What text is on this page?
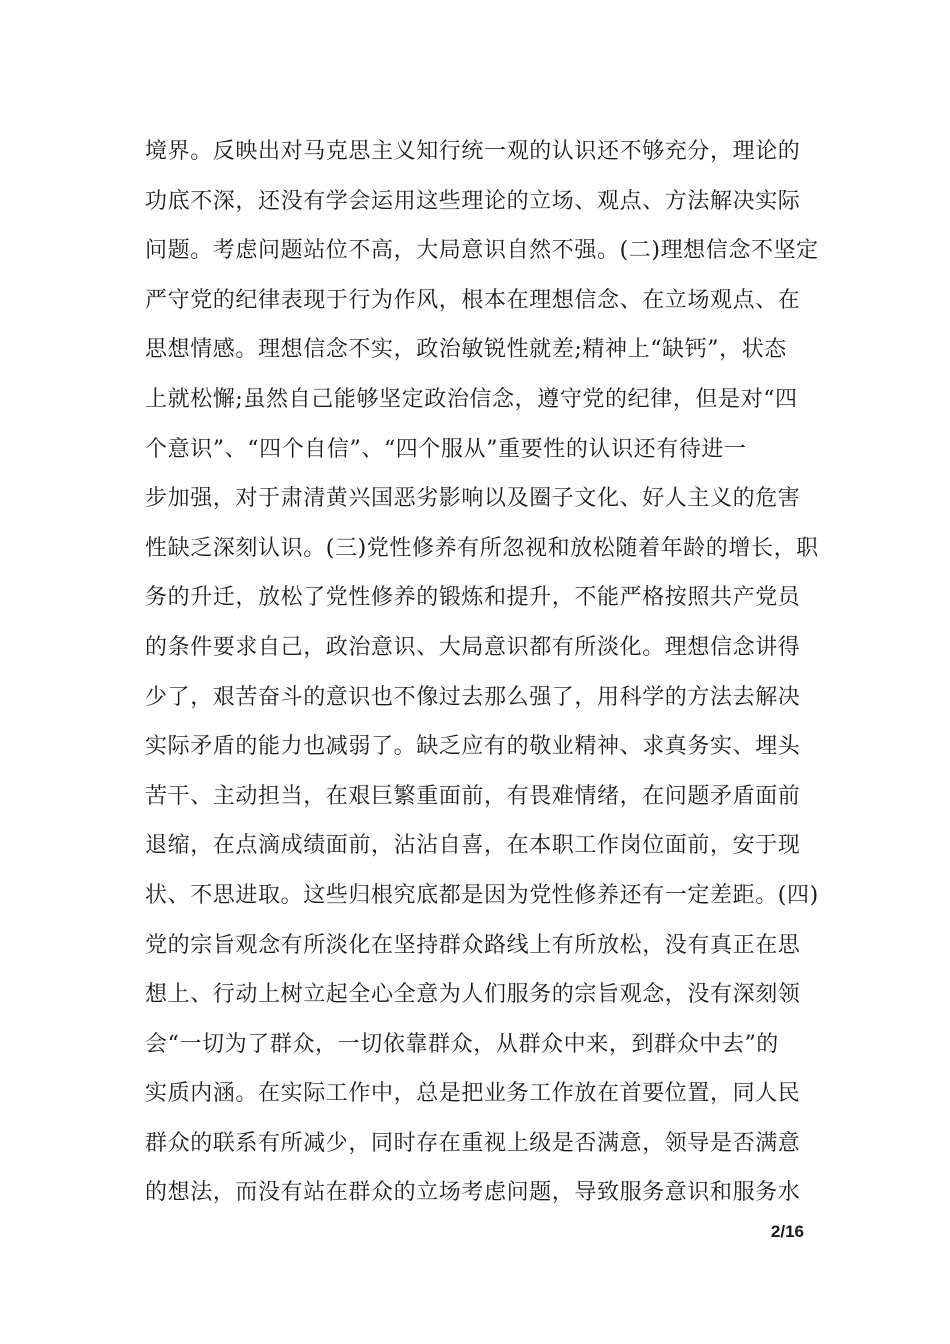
境界。反映出对马克思主义知行统一观的认识还不够充分，理论的
功底不深，还没有学会运用这些理论的立场、观点、方法解决实际
问题。考虑问题站位不高，大局意识自然不强。(二)理想信念不坚定
严守党的纪律表现于行为作风，根本在理想信念、在立场观点、在
思想情感。理想信念不实，政治敏锐性就差;精神上“缺钙”，状态
上就松懈;虽然自己能够坚定政治信念，遵守党的纪律，但是对“四
个意识”、“四个自信”、“四个服从”重要性的认识还有待进一
步加强，对于肃清黄兴国恶劣影响以及圈子文化、好人主义的危害
性缺乏深刻认识。(三)党性修养有所忽视和放松随着年龄的增长，职
务的升迁，放松了党性修养的锻炼和提升，不能严格按照共产党员
的条件要求自己，政治意识、大局意识都有所淡化。理想信念讲得
少了，艰苦奋斗的意识也不像过去那么强了，用科学的方法去解决
实际矛盾的能力也减弱了。缺乏应有的敬业精神、求真务实、埋头
苦干、主动担当，在艰巨繁重面前，有畏难情绪，在问题矛盾面前
退缩，在点滴成绩面前，沾沾自喜，在本职工作岗位面前，安于现
状、不思进取。这些归根究底都是因为党性修养还有一定差距。(四)
党的宗旨观念有所淡化在坚持群众路线上有所放松，没有真正在思
想上、行动上树立起全心全意为人们服务的宗旨观念，没有深刻领
会“一切为了群众，一切依靠群众，从群众中来，到群众中去”的
实质内涵。在实际工作中，总是把业务工作放在首要位置，同人民
群众的联系有所减少，同时存在重视上级是否满意，领导是否满意
的想法，而没有站在群众的立场考虑问题，导致服务意识和服务水
2/16
